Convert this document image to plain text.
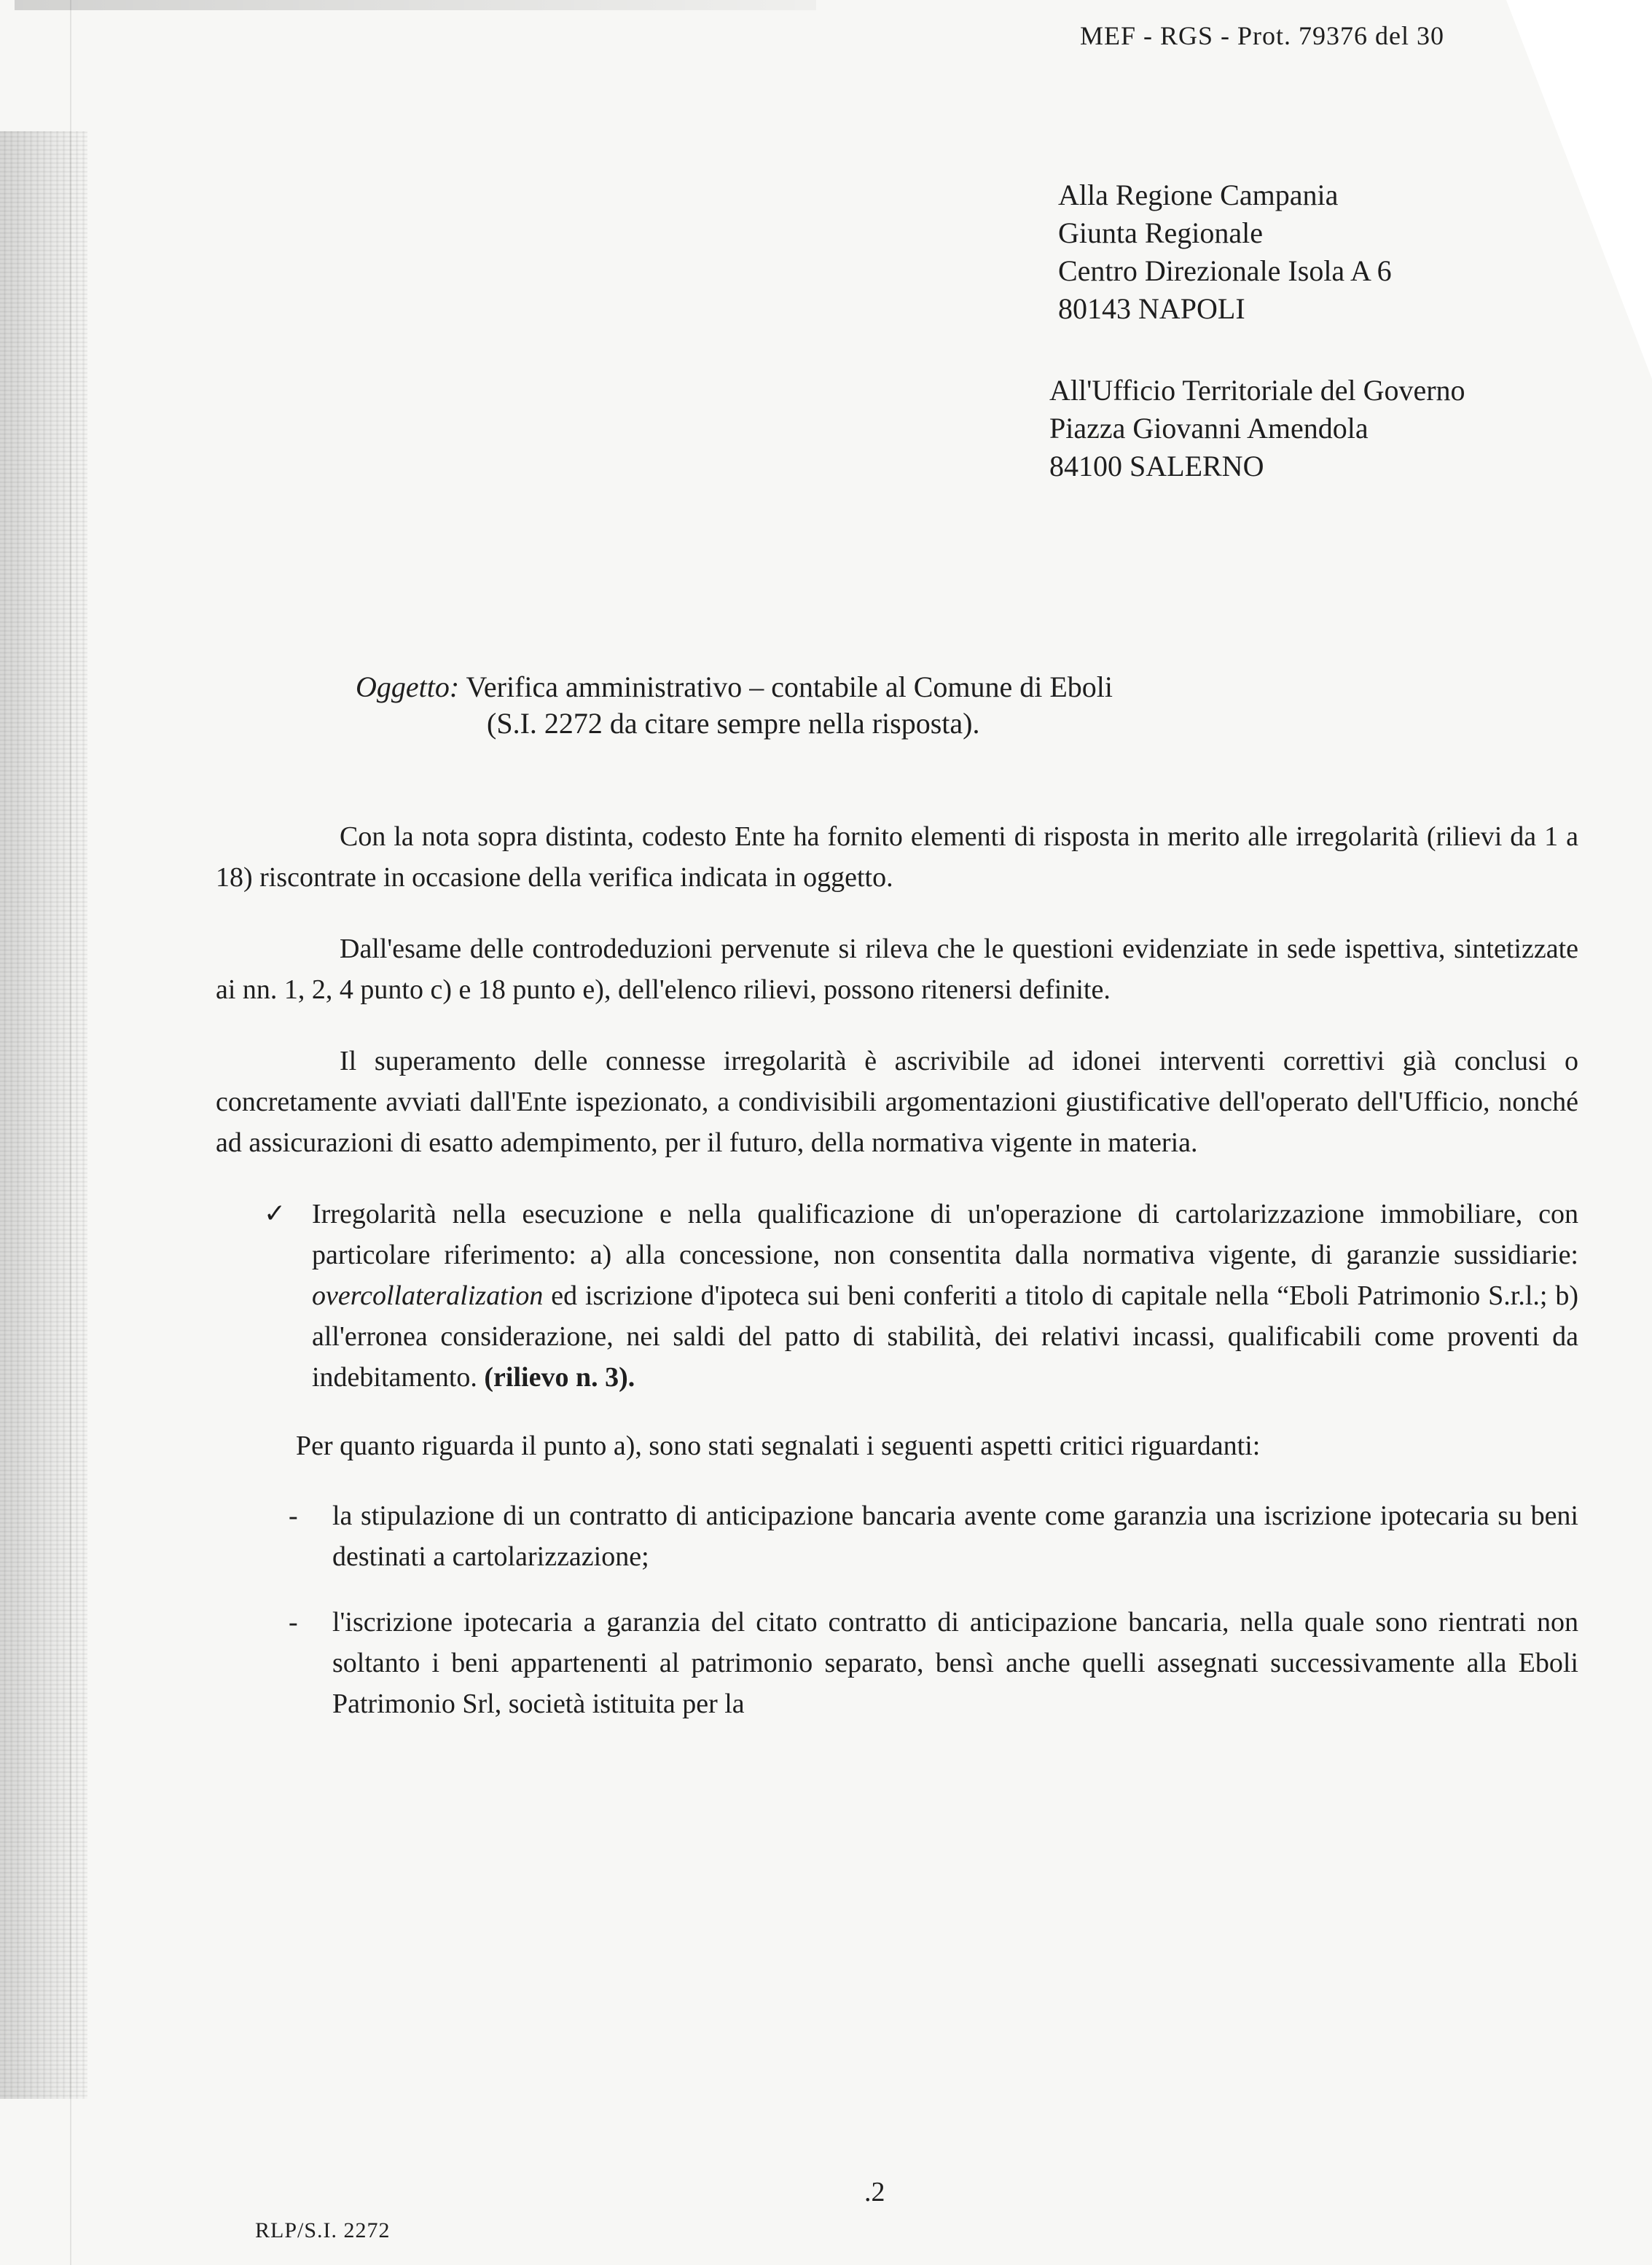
MEF - RGS - Prot. 79376 del 30
Alla Regione Campania
Giunta Regionale
Centro Direzionale Isola A 6
80143 NAPOLI
All'Ufficio Territoriale del Governo
Piazza Giovanni Amendola
84100 SALERNO
Oggetto: Verifica amministrativo – contabile al Comune di Eboli
(S.I. 2272 da citare sempre nella risposta).

Con la nota sopra distinta, codesto Ente ha fornito elementi di risposta in merito alle irregolarità (rilievi da 1 a 18) riscontrate in occasione della verifica indicata in oggetto.

Dall'esame delle controdeduzioni pervenute si rileva che le questioni evidenziate in sede ispettiva, sintetizzate ai nn. 1, 2, 4 punto c) e 18 punto e), dell'elenco rilievi, possono ritenersi definite.

Il superamento delle connesse irregolarità è ascrivibile ad idonei interventi correttivi già conclusi o concretamente avviati dall'Ente ispezionato, a condivisibili argomentazioni giustificative dell'operato dell'Ufficio, nonché ad assicurazioni di esatto adempimento, per il futuro, della normativa vigente in materia.

✓ Irregolarità nella esecuzione e nella qualificazione di un'operazione di cartolarizzazione immobiliare, con particolare riferimento: a) alla concessione, non consentita dalla normativa vigente, di garanzie sussidiarie: overcollateralization ed iscrizione d'ipoteca sui beni conferiti a titolo di capitale nella “Eboli Patrimonio S.r.l.; b) all'erronea considerazione, nei saldi del patto di stabilità, dei relativi incassi, qualificabili come proventi da indebitamento. (rilievo n. 3).
Per quanto riguarda il punto a), sono stati segnalati i seguenti aspetti critici riguardanti:
- la stipulazione di un contratto di anticipazione bancaria avente come garanzia una iscrizione ipotecaria su beni destinati a cartolarizzazione;
- l'iscrizione ipotecaria a garanzia del citato contratto di anticipazione bancaria, nella quale sono rientrati non soltanto i beni appartenenti al patrimonio separato, bensì anche quelli assegnati successivamente alla Eboli Patrimonio Srl, società istituita per la
.2
RLP/S.I. 2272
